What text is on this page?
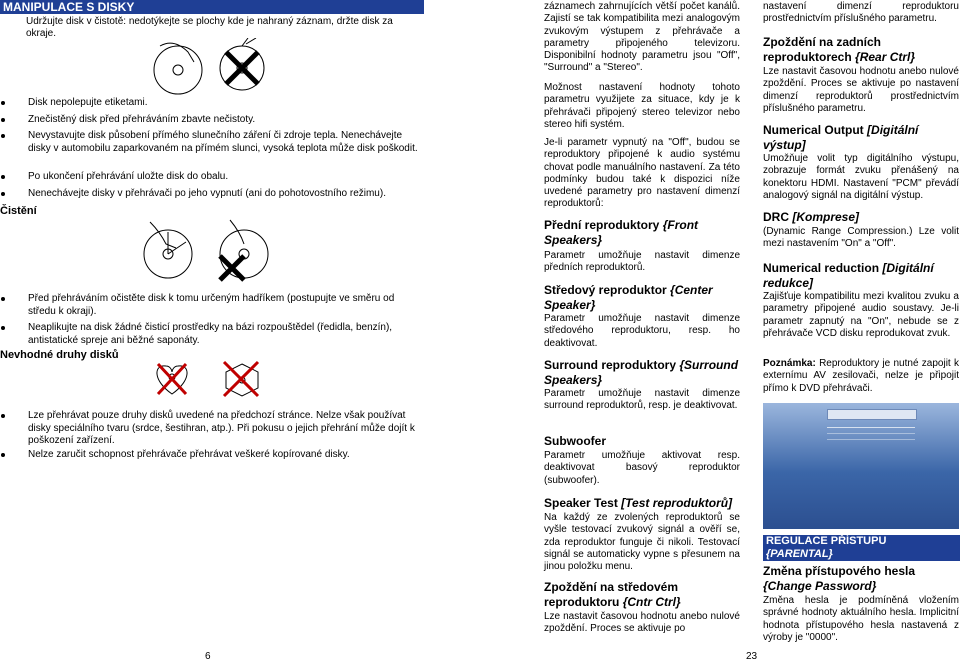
MANIPULACE S DISKY
Udržujte disk v čistotě: nedotýkejte se plochy kde je nahraný záznam, držte disk za okraje.
Disk nepolepujte etiketami.
Znečistěný disk před přehráváním zbavte nečistoty.
Nevystavujte disk působení přímého slunečního záření či zdroje tepla. Nenechávejte disky v automobilu zaparkovaném na přímém slunci, vysoká teplota může disk poškodit.
Po ukončení přehrávání uložte disk do obalu.
Nenechávejte disky v přehrávači po jeho vypnutí (ani do pohotovostního režimu).
Čistění
Před přehráváním očistěte disk k tomu určeným hadříkem (postupujte ve směru od středu k okraji).
Neaplikujte na disk žádné čisticí prostředky na bázi rozpouštědel (ředidla, benzín), antistatické spreje ani běžné saponáty.
Nevhodné druhy disků
Lze přehrávat pouze druhy disků uvedené na předchozí stránce. Nelze však používat disky speciálního tvaru (srdce, šestihran, atp.). Při pokusu o jejich přehrání může dojít k poškození zařízení.
Nelze zaručit schopnost přehrávače přehrávat veškeré kopírované disky.
6
záznamech zahrnujících větší počet kanálů. Zajistí se tak kompatibilita mezi analogovým zvukovým výstupem z přehrávače a parametry připojeného televizoru. Disponibilní hodnoty parametru jsou "Off", "Surround" a "Stereo".
Možnost nastavení hodnoty tohoto parametru využijete za situace, kdy je k přehrávači připojený stereo televizor nebo stereo hifi systém.
Je-li parametr vypnutý na "Off", budou se reproduktory připojené k audio systému chovat podle manuálního nastavení. Za této podmínky budou také k dispozici níže uvedené parametry pro nastavení dimenzí reproduktorů:
Přední reproduktory {Front Speakers}
Parametr umožňuje nastavit dimenze předních reproduktorů.
Středový reproduktor {Center Speaker}
Parametr umožňuje nastavit dimenze středového reproduktoru, resp. ho deaktivovat.
Surround reproduktory {Surround Speakers}
Parametr umožňuje nastavit dimenze surround reproduktorů, resp. je deaktivovat.
Subwoofer
Parametr umožňuje aktivovat resp. deaktivovat basový reproduktor (subwoofer).
Speaker Test [Test reproduktorů]
Na každý ze zvolených reproduktorů se vyšle testovací zvukový signál a ověří se, zda reproduktor funguje či nikoli. Testovací signál se automaticky vypne s přesunem na jinou položku menu.
Zpoždění na středovém reproduktoru {Cntr Ctrl}
Lze nastavit časovou hodnotu anebo nulové zpoždění. Proces se aktivuje po
nastavení dimenzí reproduktoru prostřednictvím příslušného parametru.
Zpoždění na zadních reproduktorech {Rear Ctrl}
Lze nastavit časovou hodnotu anebo nulové zpoždění. Proces se aktivuje po nastavení dimenzí reproduktorů prostřednictvím příslušného parametru.
Numerical Output [Digitální výstup]
Umožňuje volit typ digitálního výstupu, zobrazuje formát zvuku přenášený na konektoru HDMI. Nastavení "PCM" převádí analogový signál na digitální výstup.
DRC [Komprese]
(Dynamic Range Compression.) Lze volit mezi nastavením "On" a "Off".
Numerical reduction [Digitální redukce]
Zajišťuje kompatibilitu mezi kvalitou zvuku a parametry připojené audio soustavy. Je-li parametr zapnutý na "On", nebude se z přehrávače VCD disku reprodukovat zvuk.
Poznámka: Reproduktory je nutné zapojit k externímu AV zesilovači, nelze je připojit přímo k DVD přehrávači.
REGULACE PŘÍSTUPU
{PARENTAL}
Změna přístupového hesla {Change Password}
Změna hesla je podmíněná vložením správné hodnoty aktuálního hesla. Implicitní hodnota přístupového hesla nastavená z výroby je "0000".
23
